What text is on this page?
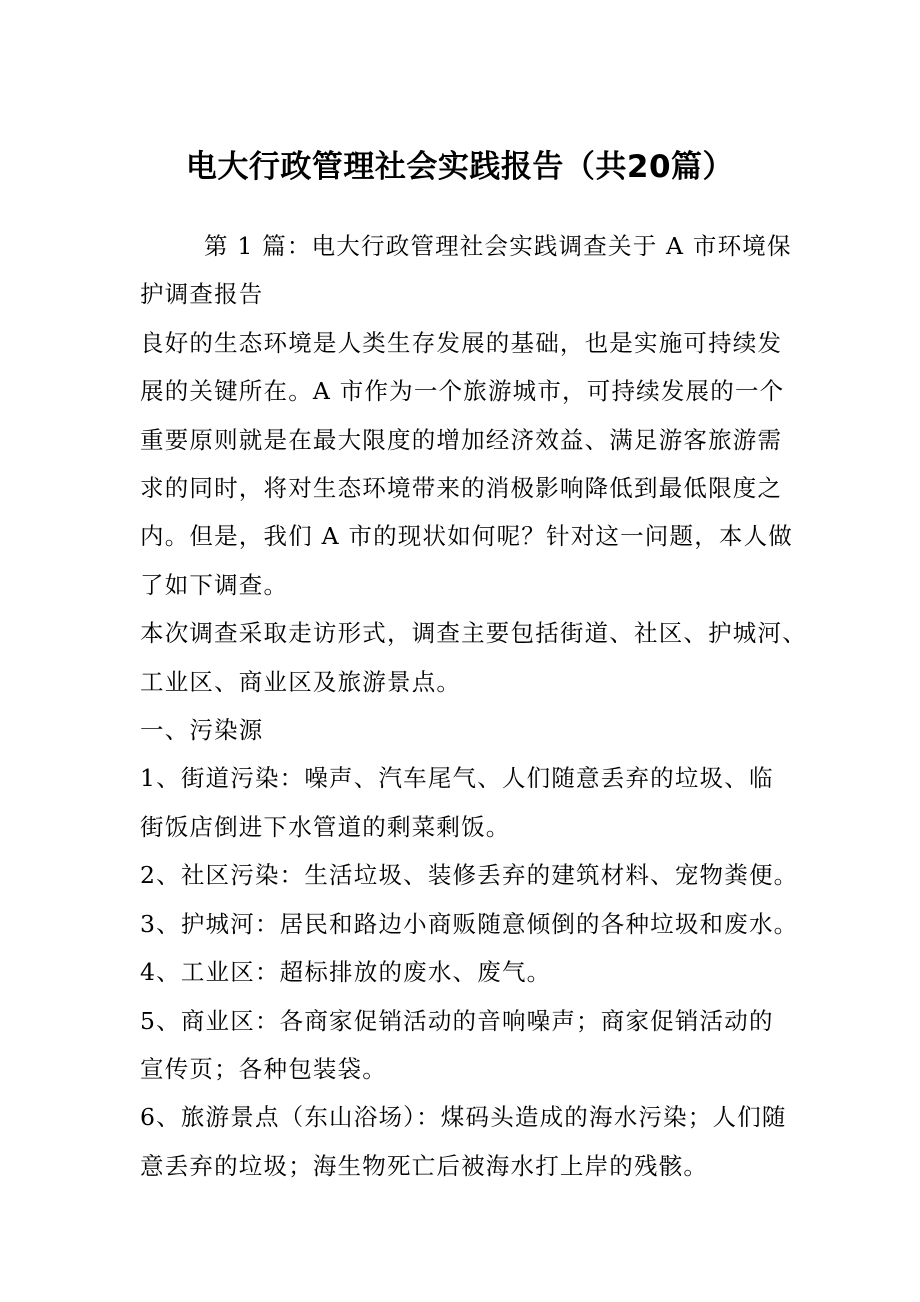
电大行政管理社会实践报告（共20篇）

第 1 篇：电大行政管理社会实践调查关于 A 市环境保

护调查报告

良好的生态环境是人类生存发展的基础，也是实施可持续发

展的关键所在。A 市作为一个旅游城市，可持续发展的一个

重要原则就是在最大限度的增加经济效益、满足游客旅游需

求的同时，将对生态环境带来的消极影响降低到最低限度之

内。但是，我们 A 市的现状如何呢？针对这一问题，本人做

了如下调查。

本次调查采取走访形式，调查主要包括街道、社区、护城河、

工业区、商业区及旅游景点。

一、污染源

1、街道污染：噪声、汽车尾气、人们随意丢弃的垃圾、临

街饭店倒进下水管道的剩菜剩饭。

2、社区污染：生活垃圾、装修丢弃的建筑材料、宠物粪便。

3、护城河：居民和路边小商贩随意倾倒的各种垃圾和废水。

4、工业区：超标排放的废水、废气。

5、商业区：各商家促销活动的音响噪声；商家促销活动的

宣传页；各种包装袋。

6、旅游景点（东山浴场）：煤码头造成的海水污染；人们随

意丢弃的垃圾；海生物死亡后被海水打上岸的残骸。
